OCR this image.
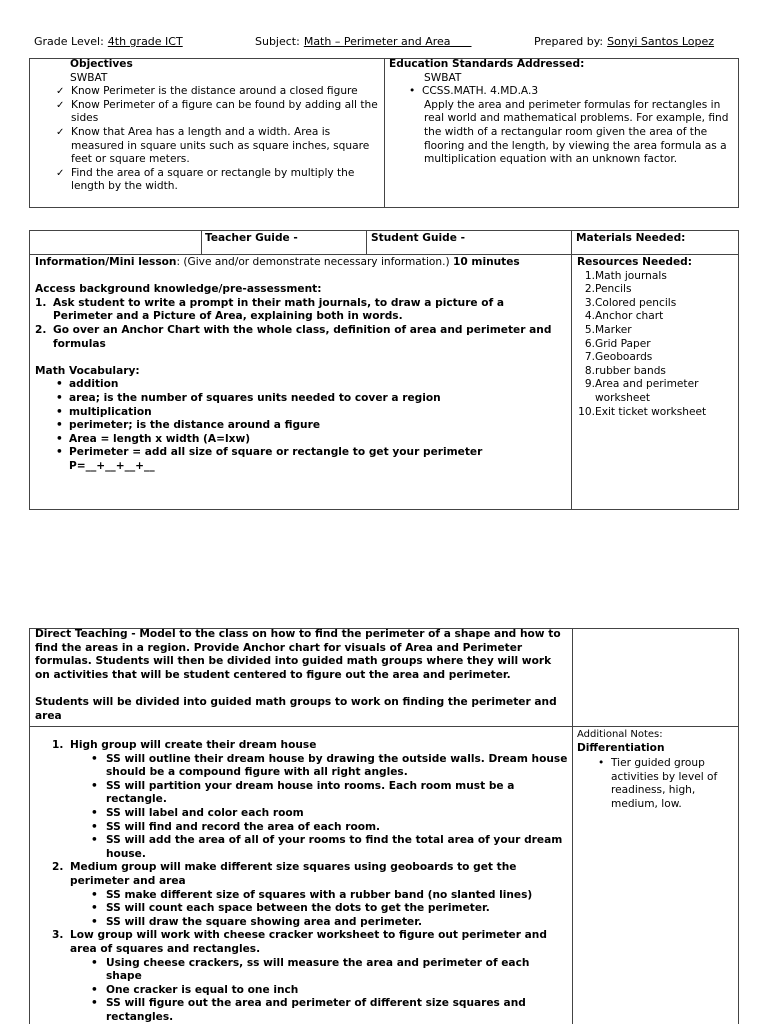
Grade Level: 4th grade ICT	Subject: Math – Perimeter and Area	Prepared by: Sonyi Santos Lopez
Objectives
SWBAT
✓ Know Perimeter is the distance around a closed figure
✓ Know Perimeter of a figure can be found by adding all the sides
✓ Know that Area has a length and a width. Area is measured in square units such as square inches, square feet or square meters.
✓ Find the area of a square or rectangle by multiply the length by the width.
Education Standards Addressed:
SWBAT
• CCSS.MATH. 4.MD.A.3
Apply the area and perimeter formulas for rectangles in real world and mathematical problems. For example, find the width of a rectangular room given the area of the flooring and the length, by viewing the area formula as a multiplication equation with an unknown factor.
Teacher Guide -	Student Guide -	Materials Needed:
Information/Mini lesson: (Give and/or demonstrate necessary information.) 10 minutes
Access background knowledge/pre-assessment:
1. Ask student to write a prompt in their math journals, to draw a picture of a Perimeter and a Picture of Area, explaining both in words.
2. Go over an Anchor Chart with the whole class, definition of area and perimeter and formulas
Math Vocabulary:
• addition
• area; is the number of squares units needed to cover a region
• multiplication
• perimeter; is the distance around a figure
• Area = length x width (A=lxw)
• Perimeter = add all size of square or rectangle to get your perimeter P=__+__+__+__
Resources Needed:
1. Math journals
2. Pencils
3. Colored pencils
4. Anchor chart
5. Marker
6. Grid Paper
7. Geoboards
8. rubber bands
9. Area and perimeter worksheet
10. Exit ticket worksheet
Direct Teaching - Model to the class on how to find the perimeter of a shape and how to find the areas in a region. Provide Anchor chart for visuals of Area and Perimeter formulas. Students will then be divided into guided math groups where they will work on activities that will be student centered to figure out the area and perimeter.
Students will be divided into guided math groups to work on finding the perimeter and area
1. High group will create their dream house
• SS will outline their dream house by drawing the outside walls. Dream house should be a compound figure with all right angles.
• SS will partition your dream house into rooms. Each room must be a rectangle.
• SS will label and color each room
• SS will find and record the area of each room.
• SS will add the area of all of your rooms to find the total area of your dream house.
2. Medium group will make different size squares using geoboards to get the perimeter and area
• SS make different size of squares with a rubber band (no slanted lines)
• SS will count each space between the dots to get the perimeter.
• SS will draw the square showing area and perimeter.
3. Low group will work with cheese cracker worksheet to figure out perimeter and area of squares and rectangles.
• Using cheese crackers, ss will measure the area and perimeter of each shape
• One cracker is equal to one inch
• SS will figure out the area and perimeter of different size squares and rectangles.
Additional Notes:
Differentiation
• Tier guided group activities by level of readiness, high, medium, low.
